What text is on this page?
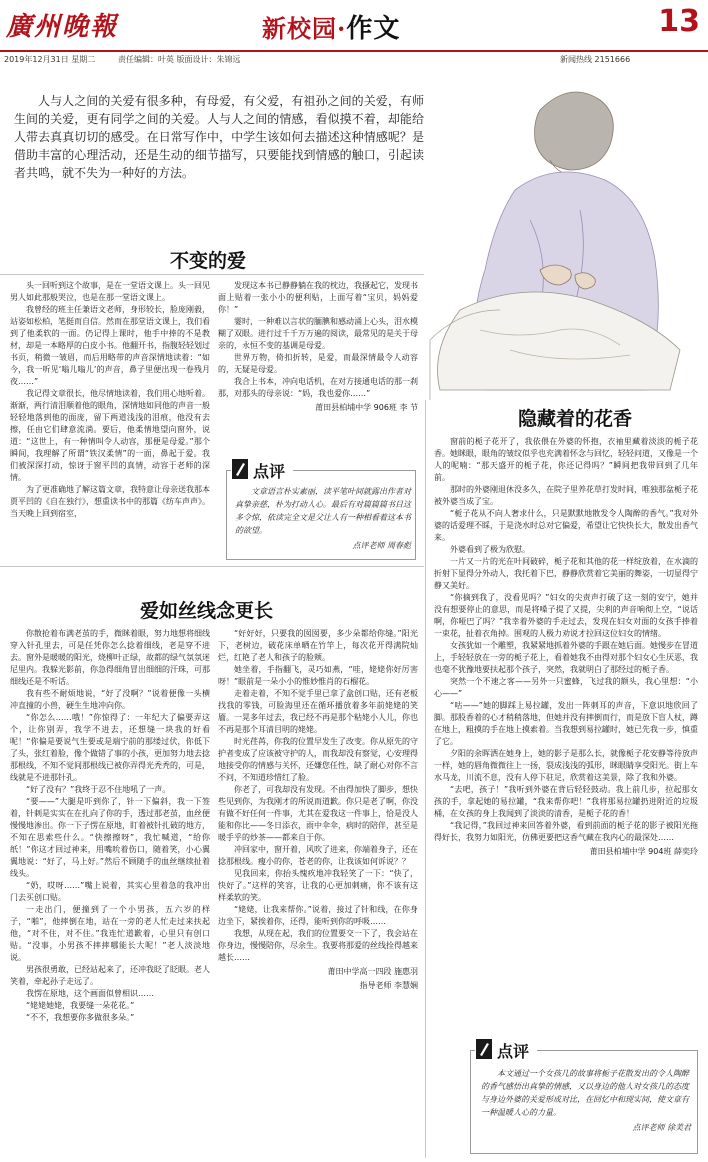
廣州晚報	新校园·作文	13
2019年12月31日 星期二	责任编辑：叶英 版面设计：朱锦远	新闻热线 2151666
人与人之间的关爱有很多种，有母爱，有父爱，有祖孙之间的关爱，有师生间的关爱，更有同学之间的关爱。人与人之间的情感，看似摸不着，却能给人带去真真切切的感受。在日常写作中，中学生该如何去描述这种情感呢？是借助丰富的心理活动，还是生动的细节描写，只要能找到情感的触口，引起读者共鸣，就不失为一种好的方法。
不变的爱

头一回听到这个故事，是在一堂语文课上。头一回见男人如此那般哭泣，也是在那一堂语文课上。

我曾经的班主任兼语文老师，身形较长，脸庞刚毅，站姿如松柏，笔挺而自信。然而在那堂语文课上，我们看到了他柔软的一面。仍记得上课时，他手中捧的不是教材，却是一本略厚的白皮小书。他翻开书，指腹轻轻划过书页，稍微一皱眉，而后用略带的声音深情地读着：“如今，我一听见‘嗡儿嗡儿’的声音，鼻子里便出现一卷残月夜……”

我记得文章很长，他尽情地读着，我们用心地听着。渐渐，两行清泪顺着他的眼角，深情地如同他的声音一般轻轻地落到他的面庞，留下两道浅浅的泪痕，他没有去擦，任由它们肆意流淌。要后，他柔情地望向窗外，说道：“这世上，有一种情叫令人动容，那便是母爱。”那个瞬间，我理解了所谓“铁汉柔情”的一面，鼻起于爱。我们被深深打动，惊讶于窗平凹的真情，动容于老师的深情。

为了更准确地了解这篇文章，我特意让母亲送我那本贾平凹的《自在独行》，想重读书中的那篇《纺车声声》。当天晚上回到宿室，

发现这本书已静静躺在我的枕边，我搔起它，发现书面上贴着一张小小的便利贴，上面写着“宝贝，妈妈爱你！”

霎时，一种难以言状的腼腆和感动涌上心头，泪水模糊了双眼。进行过千千万万遍的阅读，最常见的是关于母亲的，永恒不变的基调是母爱。

世界万物，倚扣折转，是爱，而最深情最令人动容的，无疑是母爱。

我合上书本，冲向电话机，在对方接通电话的那一刹那，对那头的母亲说：“妈，我也爱你……”

莆田县柏埔中学 906班 李 节
点评

文章语言朴实素丽，读平笔叶间就露出作者对真挚亲慈，朴为打动人心。最后有对篇篇篇书目这多令惊，依读完全文是父让人有一种相看着这本书的欲望。

点评老师 周春彪
爱如丝线念更长

你散抢着布满老茧的手，微眯着眼，努力地想将细线穿入针孔里去，可是任凭你怎么捻着细线，老是穿不进去。窗外是暖暖的阳光，烧柳叶正绿，故都的绿气氛氛迷尼里内。我躲光影前，你急得细角冒出细细的汗珠，可那细线还是不听话。

我有些不耐烦地说，“好了没啊？”说着便像一头横冲直撞的小兽，硬生生地冲向你。

“你怎么……哦！”你惊得了：一年纪大了偏要弄这个，让你别弄，我学不进去，还想缝一块我的好看呢！“你偏是要说气生要或是端宁前的那缕过伏，你低下了头，张红着脸，像个做错了事的小孩，更加努力地去捻那根线，不知不觉间那根线已被你弄得光秃秃的，可是，线就是不进那针孔。

“好了没有？”我终于忍不住地吼了一声。

“要——”大腿是吓到你了，针一下偏斜，我一下签着，针刺是实实在在扎向了你的手，透过那老茧，血丝便慢慢地渗出。你一下子愣在原地，盯着被针扎破的地方，不知在思索些什么。“快擦擦呀”，我忙喊道，“给你纸！”你这才回过神来，用嘴吮着伤口，随着笑，小心翼翼地说：“好了，马上好。”然后不顾随手的血丝继续扯着线头。

“奶，哎呀……”嘴上说着，其实心里着急的我冲出门去买创口贴。

一走出门，便撞到了一个小男孩，五六岁的样子，“啪”，他摔倒在地，站在一旁的老人忙走过来扶起他，“对不住，对不住。”我连忙道歉着，心里只有创口贴。“没事，小男孩不摔摔哪能长大呢！”老人淡淡地说。

男孩很勇敢，已经站起来了，还冲我眨了眨眼。老人笑着，牵起孙子走远了。

我愣在原地，这个画面似曾相识……

“姥姥她姥，我要缝一朵花花。”

“不不，我想要你多做很多朵。”

“好好好，只要我的囡囡要，多少朵都给你缝。”阳光下，老树边，破花床单晒在竹竿上，每次花开得满院灿烂，红艳了老人和孩子的脸颊。

她坐着，手指翻飞，灵巧如燕，“哇，姥姥你好厉害呀！”眼前是一朵小小的惟妙惟肖的石榴花。

走着走着，不知不觉手里已拿了盒创口贴，还有老板找我的零钱，可脸海里还在循环播放着多年前姥姥的笑靥。一晃多年过去，我已经不再是那个粘姥小人儿，你也不再是那个耳清目明的姥姥。

时光荏苒，你我的位置早发生了改变。你从原先的守护者变成了应该被守护的人，而我却没有察觉，心安理得地接受你的情感与关怀，还嫌您任性，缺了耐心对你不言不问，不知道珍惜红了脸。

你老了，可我却没有发现。不由得加快了脚步，想快些见到你，为我刚才的所说而道歉。你只是老了啊，你没有做不好任何一件事，尤其在爱我这一件事上，恰是没人能和你比——冬日添衣，雨中伞伞，病时的陪伴，甚至是暖手乎的炒茶——都来自于你。

冲回家中，窗开着，风吹了进来，你端着身子，还在捻那根线。瘦小的你，苍老的你，让我该如何诉说？？

见我回来，你抬头愧疚地冲我轻笑了一下：“快了，快好了。”这样的笑容，让我的心更加刺痛，你不该有这样柔软的笑。

“姥姥，让我来帮你。”说着，接过了针和线，在你身边坐下，紧挨着你，还得，能听到你的呼吸……

我想，从现在起，我们的位置要交一下了，我会站在你身边，慢慢陪你，尽余生。我要将那爱的丝线拴得越来越长……

莆田中学高一四段 施惠羽
指导老师 李慧娴
隐藏着的花香

窗前的栀子花开了，我依偎在外婆的怀抱，衣袖里藏着淡淡的栀子花香。她眯眼，眼角的皱纹似乎也充满着怀念与回忆，轻轻问道，又像是一个人的呢喃：“那天盛开的栀子花，你还记得吗？”瞬间把我带回到了几年前。

那时的外婆刚退休没多久，在院子里养花草打发时间，唯独那盆栀子花被外婆当成了宝。

“栀子花从不向人奢求什么，只是默默地散发令人陶醉的香气。”我对外婆的话爱理不睬，于是浇水时总对它偏爱，希望让它快快长大，散发出香气来。

外婆看到了极为欣慰。

一片又一片的光在叶间破碎，栀子花和其他的花一样绽放着，在水滴的折射下显得分外动人，我托着下巴，静静欣赏着它美丽的舞姿，一切显得宁静又美好。

“你摘到我了，没看见吗？”妇女的尖责声打破了这一刻的安宁，她并没有想要停止的意思，而是将嗓子提了又提，尖利的声音响彻上空，“说话啊，你哑巴了吗？”我幸着外婆的手走过去，发现在妇女对面的女孩手捧着一束花，扯着衣角掉。围观的人极力劝说才拉回这位妇女的情绪。

女孩犹如一个雕塑，我紧紧地抓着外婆的手跟在她后面。她慢步在冒道上，手轻轻放在一旁的栀子花上，看着她我不由得对那个妇女心生厌恶，我也毫不犹豫地要扶起那个孩子，突然，我就明白了那经过的栀子香。

突然一个不速之客——另外一只蜜蜂，飞过我的额头，我心里想：“小心——”

“咕——”她的脚踩上易拉罐，发出一阵刺耳的声音，下意识地欣回了脚。那股香着的心才稍稍落地，但她并没有摔倒而行，而是放下盲人杖，蹲在地上，粗摸的手在地上摸索着。当我想到易拉罐时，她已先我一步，慎重了它。

夕阳的余晖洒在她身上，她的影子是那么长，就像栀子花安静等待放声一样，她的唇角微微往上一扬，裂成浅浅的弧形，眯眼睛享受阳光。街上车水马龙，川流不息，没有人停下驻足，欣赏着这美景，除了我和外婆。

“去吧，孩子！”我听到外婆在背后轻轻鼓动。我上前几步，拉起那女孩的手，拿起她的易拉罐，“我来帮你吧！”我将那易拉罐扔进附近的垃圾桶，在女孩的身上我闻到了淡淡的清香，是栀子花的香！

“我记得，”我回过神来回答着外婆，看到前面的栀子花的影子被阳光拖得好长，我努力如阳光，仿佛更要把这香气藏在我内心的最深处……

莆田县柏埔中学 904班 薛奕玲
点评

本文通过一个女孩几的故事将栀子花散发出的令人陶醉的香气感悟出真挚的情感，又以身边的他人对女孩几的态度与身边外婆的关爱形成对比，在回忆中和现实间，使文章有一种温暖人心的力量。

点评老师 徐美君
